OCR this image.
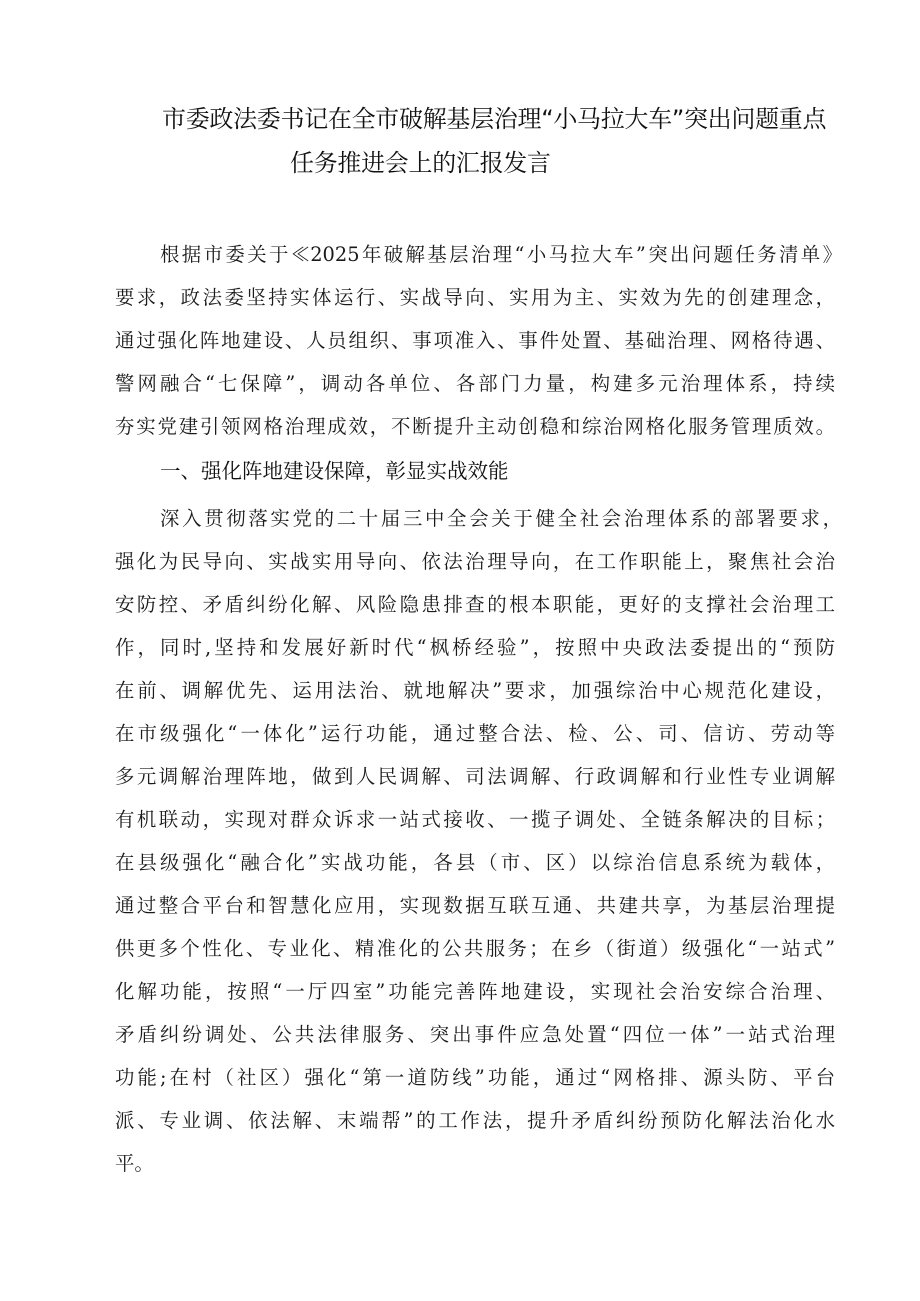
市委政法委书记在全市破解基层治理“小马拉大车”突出问题重点
任务推进会上的汇报发言
根据市委关于≪2025年破解基层治理“小马拉大车”突出问题任务清单》
要求，政法委坚持实体运行、实战导向、实用为主、实效为先的创建理念，
通过强化阵地建设、人员组织、事项准入、事件处置、基础治理、网格待遇、
警网融合“七保障”，调动各单位、各部门力量，构建多元治理体系，持续
夯实党建引领网格治理成效，不断提升主动创稳和综治网格化服务管理质效。
一、强化阵地建设保障，彰显实战效能
深入贯彻落实党的二十届三中全会关于健全社会治理体系的部署要求，
强化为民导向、实战实用导向、依法治理导向，在工作职能上，聚焦社会治
安防控、矛盾纠纷化解、风险隐患排查的根本职能，更好的支撑社会治理工
作，同时,坚持和发展好新时代“枫桥经验”，按照中央政法委提出的“预防
在前、调解优先、运用法治、就地解决”要求，加强综治中心规范化建设，
在市级强化“一体化”运行功能，通过整合法、检、公、司、信访、劳动等
多元调解治理阵地，做到人民调解、司法调解、行政调解和行业性专业调解
有机联动，实现对群众诉求一站式接收、一揽子调处、全链条解决的目标；
在县级强化“融合化”实战功能，各县（市、区）以综治信息系统为载体，
通过整合平台和智慧化应用，实现数据互联互通、共建共享，为基层治理提
供更多个性化、专业化、精准化的公共服务；在乡（街道）级强化“一站式”
化解功能，按照“一厅四室”功能完善阵地建设，实现社会治安综合治理、
矛盾纠纷调处、公共法律服务、突出事件应急处置“四位一体”一站式治理
功能;在村（社区）强化“第一道防线”功能，通过“网格排、源头防、平台
派、专业调、依法解、末端帮”的工作法，提升矛盾纠纷预防化解法治化水
平。
